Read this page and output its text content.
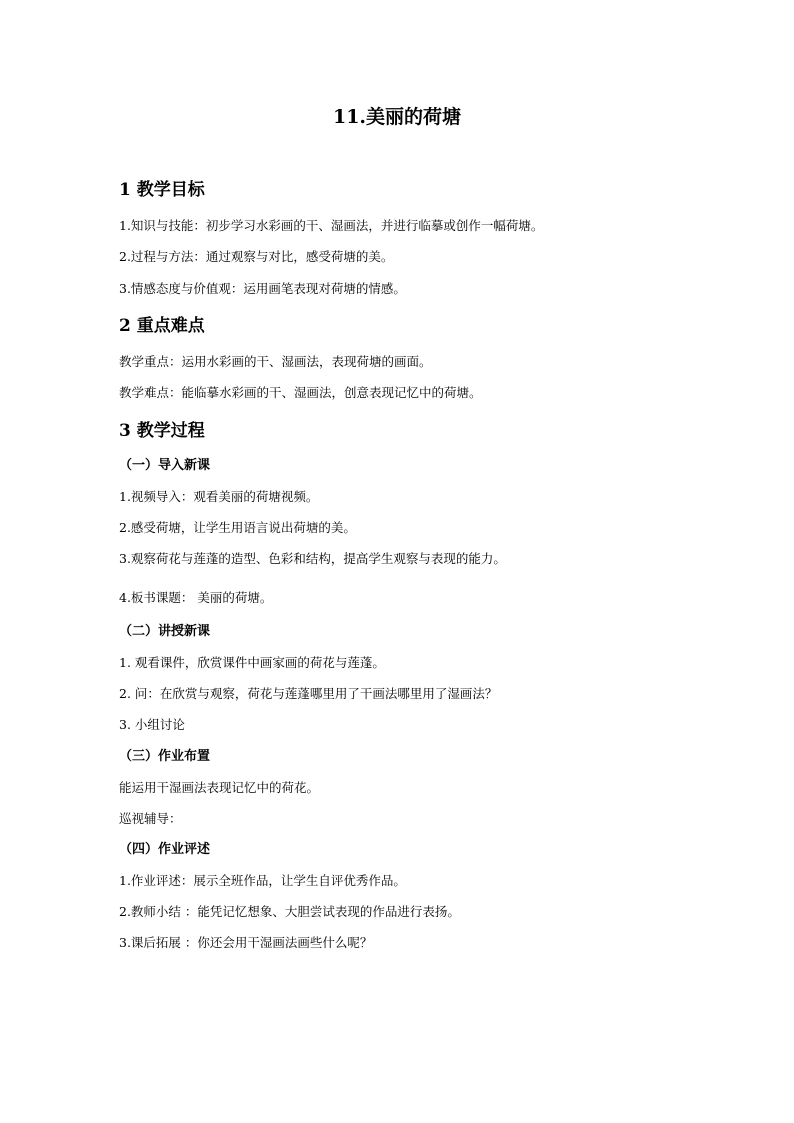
11.美丽的荷塘
1 教学目标
1.知识与技能：初步学习水彩画的干、湿画法，并进行临摹或创作一幅荷塘。
2.过程与方法：通过观察与对比，感受荷塘的美。
3.情感态度与价值观：运用画笔表现对荷塘的情感。
2 重点难点
教学重点：运用水彩画的干、湿画法，表现荷塘的画面。
教学难点：能临摹水彩画的干、湿画法，创意表现记忆中的荷塘。
3 教学过程
（一）导入新课
1.视频导入：观看美丽的荷塘视频。
2.感受荷塘，让学生用语言说出荷塘的美。
3.观察荷花与莲蓬的造型、色彩和结构，提高学生观察与表现的能力。
4.板书课题： 美丽的荷塘。
（二）讲授新课
1. 观看课件，欣赏课件中画家画的荷花与莲蓬。
2. 问：在欣赏与观察，荷花与莲蓬哪里用了干画法哪里用了湿画法？
3. 小组讨论
（三）作业布置
能运用干湿画法表现记忆中的荷花。
巡视辅导：
（四）作业评述
1.作业评述：展示全班作品，让学生自评优秀作品。
2.教师小结 ：能凭记忆想象、大胆尝试表现的作品进行表扬。
3.课后拓展 ：你还会用干湿画法画些什么呢？
